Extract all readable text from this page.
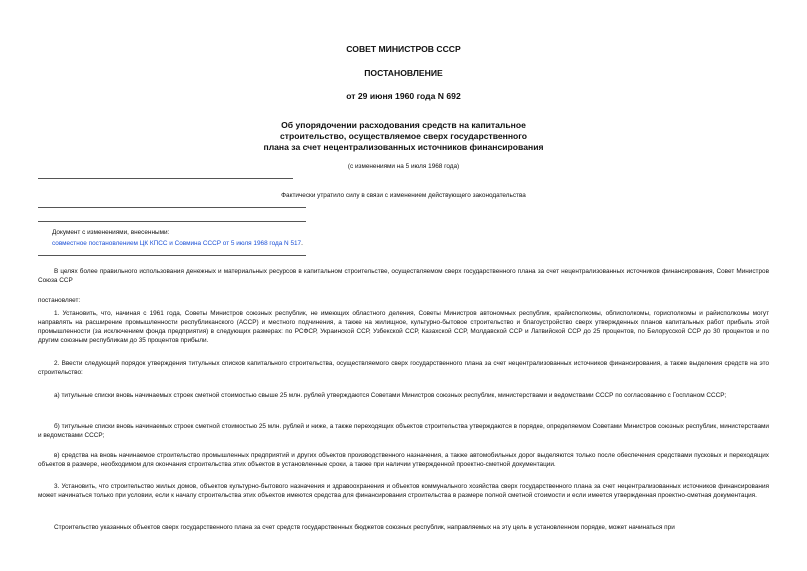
СОВЕТ МИНИСТРОВ СССР
ПОСТАНОВЛЕНИЕ
от 29 июня 1960 года N 692
Об упорядочении расходования средств на капитальное
строительство, осуществляемое сверх государственного
плана за счет нецентрализованных источников финансирования
(с изменениями на 5 июля 1968 года)
Фактически утратило силу в связи с изменением действующего законодательства
Документ с изменениями, внесенными:
совместное постановлением ЦК КПСС и Совмина СССР от 5 июля 1968 года N 517.
В целях более правильного использования денежных и материальных ресурсов в капитальном строительстве, осуществляемом сверх государственного плана за счет нецентрализованных источников финансирования, Совет Министров Союза ССР
постановляет:
1. Установить, что, начиная с 1961 года, Советы Министров союзных республик, не имеющих областного деления, Советы Министров автономных республик, крайисполкомы, облисполкомы, горисполкомы и райисполкомы могут направлять на расширение промышленности республиканского (АССР) и местного подчинения, а также на жилищное, культурно-бытовое строительство и благоустройство сверх утвержденных планов капитальных работ прибыль этой промышленности (за исключением фонда предприятия) в следующих размерах: по РСФСР, Украинской ССР, Узбекской ССР, Казахской ССР, Молдавской ССР и Латвийской ССР до 25 процентов, по Белорусской ССР до 30 процентов и по другим союзным республикам до 35 процентов прибыли.
2. Ввести следующий порядок утверждения титульных списков капитального строительства, осуществляемого сверх государственного плана за счет нецентрализованных источников финансирования, а также выделения средств на это строительство:
а) титульные списки вновь начинаемых строек сметной стоимостью свыше 25 млн. рублей утверждаются Советами Министров союзных республик, министерствами и ведомствами СССР по согласованию с Госпланом СССР;
б) титульные списки вновь начинаемых строек сметной стоимостью 25 млн. рублей и ниже, а также переходящих объектов строительства утверждаются в порядке, определяемом Советами Министров союзных республик, министерствами и ведомствами СССР;
в) средства на вновь начинаемое строительство промышленных предприятий и других объектов производственного назначения, а также автомобильных дорог выделяются только после обеспечения средствами пусковых и переходящих объектов в размере, необходимом для окончания строительства этих объектов в установленные сроки, а также при наличии утвержденной проектно-сметной документации.
3. Установить, что строительство жилых домов, объектов культурно-бытового назначения и здравоохранения и объектов коммунального хозяйства сверх государственного плана за счет нецентрализованных источников финансирования может начинаться только при условии, если к началу строительства этих объектов имеются средства для финансирования строительства в размере полной сметной стоимости и если имеется утвержденная проектно-сметная документация.
Строительство указанных объектов сверх государственного плана за счет средств государственных бюджетов союзных республик, направляемых на эту цель в установленном порядке, может начинаться при
